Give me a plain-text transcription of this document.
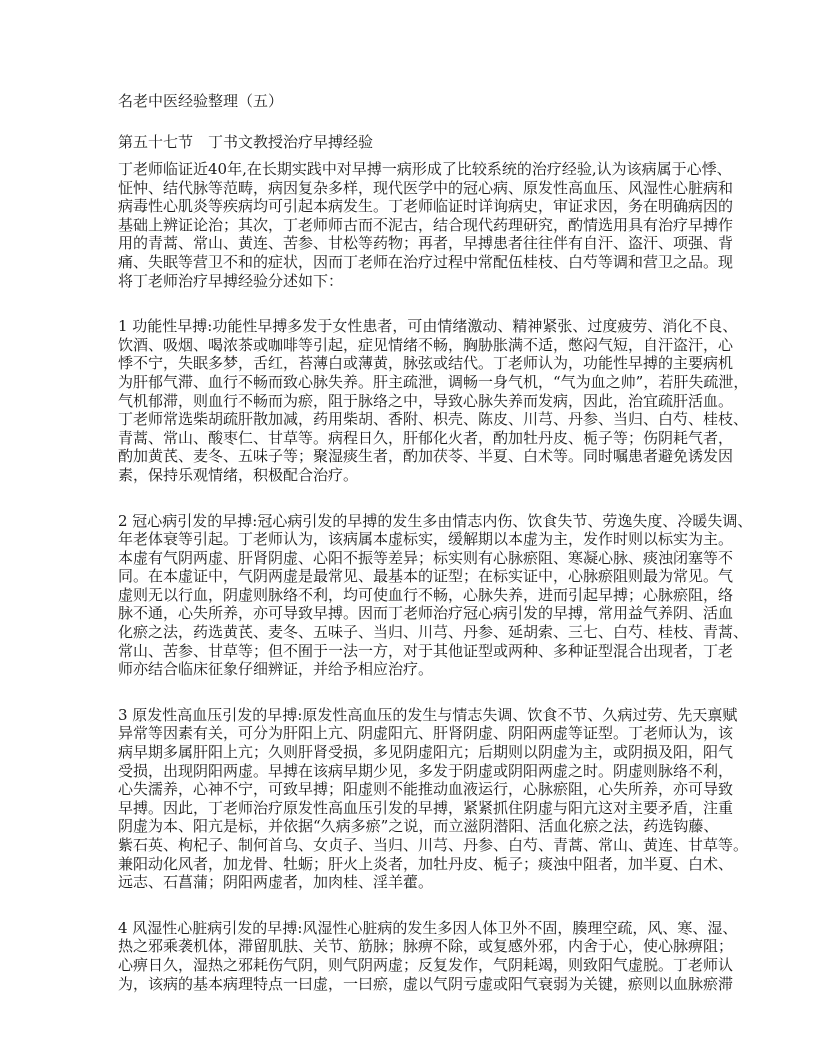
名老中医经验整理（五）
第五十七节　丁书文教授治疗早搏经验
丁老师临证近40年,在长期实践中对早搏一病形成了比较系统的治疗经验,认为该病属于心悸、
怔忡、结代脉等范畴，病因复杂多样，现代医学中的冠心病、原发性高血压、风湿性心脏病和
病毒性心肌炎等疾病均可引起本病发生。丁老师临证时详询病史，审证求因，务在明确病因的
基础上辨证论治；其次，丁老师师古而不泥古，结合现代药理研究，酌情选用具有治疗早搏作
用的青蒿、常山、黄连、苦参、甘松等药物；再者，早搏患者往往伴有自汗、盗汗、项强、背
痛、失眠等营卫不和的症状，因而丁老师在治疗过程中常配伍桂枝、白芍等调和营卫之品。现
将丁老师治疗早搏经验分述如下：
1 功能性早搏:功能性早搏多发于女性患者，可由情绪激动、精神紧张、过度疲劳、消化不良、
饮酒、吸烟、喝浓茶或咖啡等引起，症见情绪不畅，胸胁胀满不适，憋闷气短，自汗盗汗，心
悸不宁，失眠多梦，舌红，苔薄白或薄黄，脉弦或结代。丁老师认为，功能性早搏的主要病机
为肝郁气滞、血行不畅而致心脉失养。肝主疏泄，调畅一身气机，“气为血之帅”，若肝失疏泄，
气机郁滞，则血行不畅而为瘀，阻于脉络之中，导致心脉失养而发病，因此，治宜疏肝活血。
丁老师常选柴胡疏肝散加减，药用柴胡、香附、枳壳、陈皮、川芎、丹参、当归、白芍、桂枝、
青蒿、常山、酸枣仁、甘草等。病程日久，肝郁化火者，酌加牡丹皮、栀子等；伤阴耗气者，
酌加黄芪、麦冬、五味子等；聚湿痰生者，酌加茯苓、半夏、白术等。同时嘱患者避免诱发因
素，保持乐观情绪，积极配合治疗。
2 冠心病引发的早搏:冠心病引发的早搏的发生多由情志内伤、饮食失节、劳逸失度、冷暖失调、
年老体衰等引起。丁老师认为，该病属本虚标实，缓解期以本虚为主，发作时则以标实为主。
本虚有气阴两虚、肝肾阴虚、心阳不振等差异；标实则有心脉瘀阻、寒凝心脉、痰浊闭塞等不
同。在本虚证中，气阴两虚是最常见、最基本的证型；在标实证中，心脉瘀阻则最为常见。气
虚则无以行血，阴虚则脉络不利，均可使血行不畅，心脉失养，进而引起早搏；心脉瘀阻，络
脉不通，心失所养，亦可导致早搏。因而丁老师治疗冠心病引发的早搏，常用益气养阴、活血
化瘀之法，药选黄芪、麦冬、五味子、当归、川芎、丹参、延胡索、三七、白芍、桂枝、青蒿、
常山、苦参、甘草等；但不囿于一法一方，对于其他证型或两种、多种证型混合出现者，丁老
师亦结合临床征象仔细辨证，并给予相应治疗。
3 原发性高血压引发的早搏:原发性高血压的发生与情志失调、饮食不节、久病过劳、先天禀赋
异常等因素有关，可分为肝阳上亢、阴虚阳亢、肝肾阴虚、阴阳两虚等证型。丁老师认为，该
病早期多属肝阳上亢；久则肝肾受损，多见阴虚阳亢；后期则以阴虚为主，或阴损及阳，阳气
受损，出现阴阳两虚。早搏在该病早期少见，多发于阴虚或阴阳两虚之时。阴虚则脉络不利，
心失濡养，心神不宁，可致早搏；阳虚则不能推动血液运行，心脉瘀阻，心失所养，亦可导致
早搏。因此，丁老师治疗原发性高血压引发的早搏，紧紧抓住阴虚与阳亢这对主要矛盾，注重
阴虚为本、阳亢是标，并依据“久病多瘀”之说，而立滋阴潜阳、活血化瘀之法，药选钩藤、
紫石英、枸杞子、制何首乌、女贞子、当归、川芎、丹参、白芍、青蒿、常山、黄连、甘草等。
兼阳动化风者，加龙骨、牡蛎；肝火上炎者，加牡丹皮、栀子；痰浊中阻者，加半夏、白术、
远志、石菖蒲；阴阳两虚者，加肉桂、淫羊藿。
4 风湿性心脏病引发的早搏:风湿性心脏病的发生多因人体卫外不固，腠理空疏，风、寒、湿、
热之邪乘袭机体，滞留肌肤、关节、筋脉；脉痹不除，或复感外邪，内舍于心，使心脉痹阻；
心痹日久，湿热之邪耗伤气阴，则气阴两虚；反复发作，气阴耗竭，则致阳气虚脱。丁老师认
为，该病的基本病理特点一曰虚，一曰瘀，虚以气阴亏虚或阳气衰弱为关键，瘀则以血脉瘀滞
